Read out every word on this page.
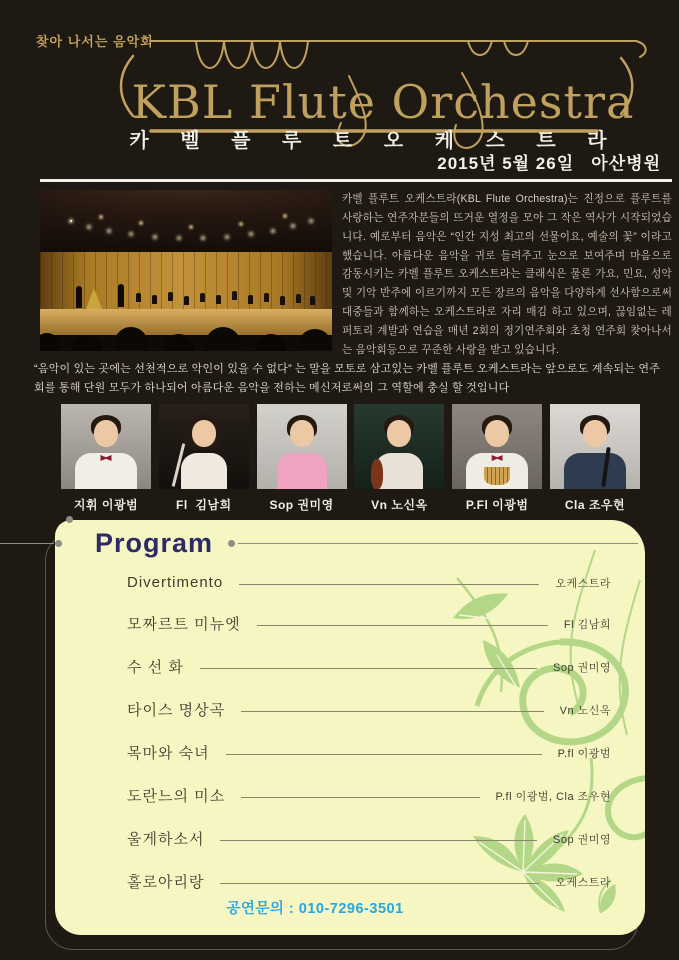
찾아 나서는 음악회
KBL Flute Orchestra
카 벨 플 루 트 오 케 스 트 라
2015년 5월 26일   아산병원
카벨 플루트 오케스트라(KBL Flute Orchestra)는 진정으로 플루트를 사랑하는 연주자분들의 뜨거운 열정을 모아 그 작은 역사가 시작되었습니다. 예로부터 음악은 “인간 지성 최고의 선물이요, 예술의 꽃” 이라고 했습니다. 아름다운 음악을 귀로 들려주고 눈으로 보여주며 마음으로 감동시키는 카벨 플루트 오케스트라는 클래식은 물론 가요, 민요, 성악 및 기악 반주에 이르기까지 모든 장르의 음악을 다양하게 선사함으로써 대중들과 함께하는 오케스트라로 자리 매김 하고 있으며, 끊임없는 레퍼토리 계발과 연습을 매년 2회의 정기연주회와 초청 연주회 찾아나서는 음악회등으로 꾸준한 사랑을 받고 있습니다.
“음악이 있는 곳에는 선천적으로 악인이 있을 수 없다” 는 말을 모토로 삼고있는 카벨 플루트 오케스트라는 앞으로도 계속되는 연주회를 통해 단원 모두가 하나되어 아름다운 음악을 전하는 메신저로써의 그 역할에 충실 할 것입니다
지휘 이광범	Fl  김남희	Sop 권미영	Vn 노신옥	P.Fl 이광범	Cla 조우현
Program
Divertimento	오케스트라
모짜르트 미뉴엣	Fl 김남희
수 선 화	Sop 권미영
타이스 명상곡	Vn 노신옥
목마와 숙녀	P.fl 이광범
도란느의 미소	P.fl 이광범, Cla 조우현
울게하소서	Sop 권미영
홀로아리랑	오케스트라
공연문의 : 010-7296-3501
